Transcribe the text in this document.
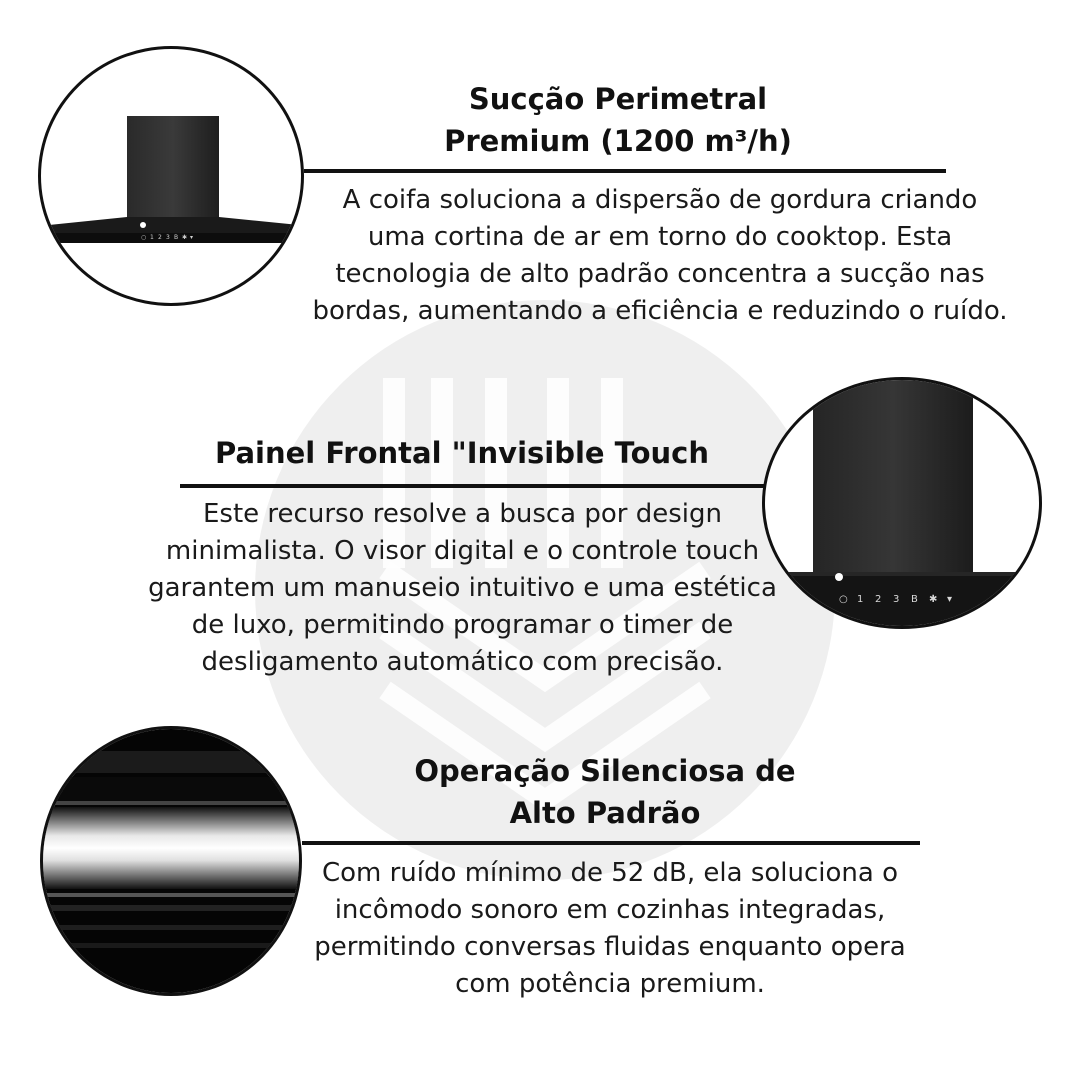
○ 1 2 3 B ✱ ▾
Sucção Perimetral
Premium (1200 m³/h)
A coifa soluciona a dispersão de gordura criando
uma cortina de ar em torno do cooktop. Esta
tecnologia de alto padrão concentra a sucção nas
bordas, aumentando a eficiência e reduzindo o ruído.
Painel Frontal "Invisible Touch
Este recurso resolve a busca por design
minimalista. O visor digital e o controle touch
garantem um manuseio intuitivo e uma estética
de luxo, permitindo programar o timer de
desligamento automático com precisão.
○ 1 2 3 B ✱ ▾
Operação Silenciosa de
Alto Padrão
Com ruído mínimo de 52 dB, ela soluciona o
incômodo sonoro em cozinhas integradas,
permitindo conversas fluidas enquanto opera
com potência premium.
